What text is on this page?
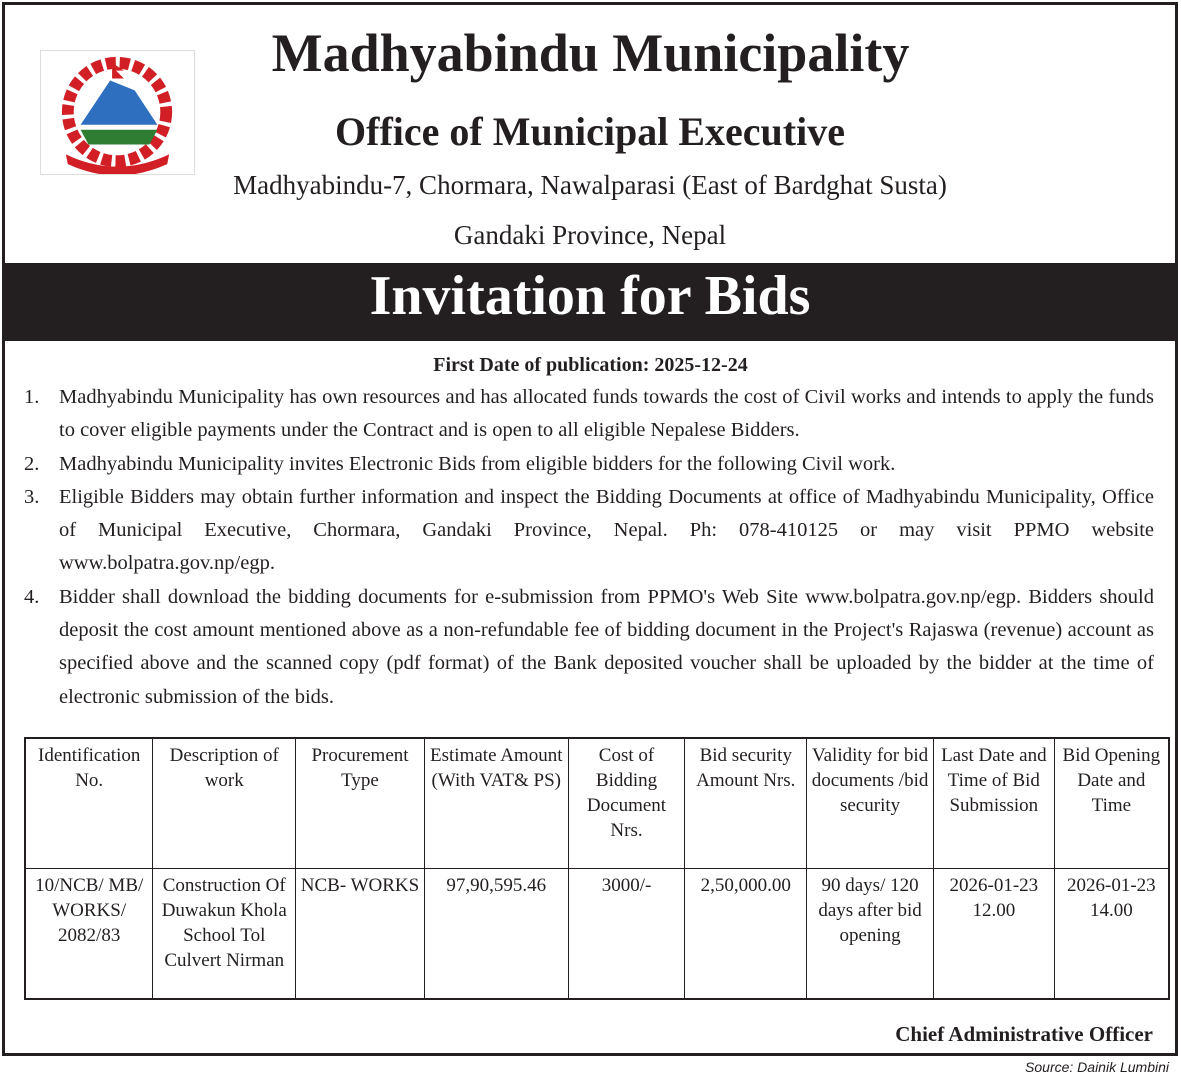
Madhyabindu Municipality
Office of Municipal Executive
Madhyabindu-7, Chormara, Nawalparasi (East of Bardghat Susta)
Gandaki Province, Nepal
Invitation for Bids
First Date of publication: 2025-12-24
1. Madhyabindu Municipality has own resources and has allocated funds towards the cost of Civil works and intends to apply the funds to cover eligible payments under the Contract and is open to all eligible Nepalese Bidders.
2. Madhyabindu Municipality invites Electronic Bids from eligible bidders for the following Civil work.
3. Eligible Bidders may obtain further information and inspect the Bidding Documents at office of Madhyabindu Municipality, Office of Municipal Executive, Chormara, Gandaki Province, Nepal. Ph: 078-410125 or may visit PPMO website www.bolpatra.gov.np/egp.
4. Bidder shall download the bidding documents for e-submission from PPMO's Web Site www.bolpatra.gov.np/egp. Bidders should deposit the cost amount mentioned above as a non-refundable fee of bidding document in the Project's Rajaswa (revenue) account as specified above and the scanned copy (pdf format) of the Bank deposited voucher shall be uploaded by the bidder at the time of electronic submission of the bids.
Identification No.	Description of work	Procurement Type	Estimate Amount (With VAT& PS)	Cost of Bidding Document Nrs.	Bid security Amount Nrs.	Validity for bid documents /bid security	Last Date and Time of Bid Submission	Bid Opening Date and Time
10/NCB/ MB/ WORKS/ 2082/83	Construction Of Duwakun Khola School Tol Culvert Nirman	NCB- WORKS	97,90,595.46	3000/-	2,50,000.00	90 days/ 120 days after bid opening	2026-01-23 12.00	2026-01-23 14.00
Chief Administrative Officer
Source: Dainik Lumbini
